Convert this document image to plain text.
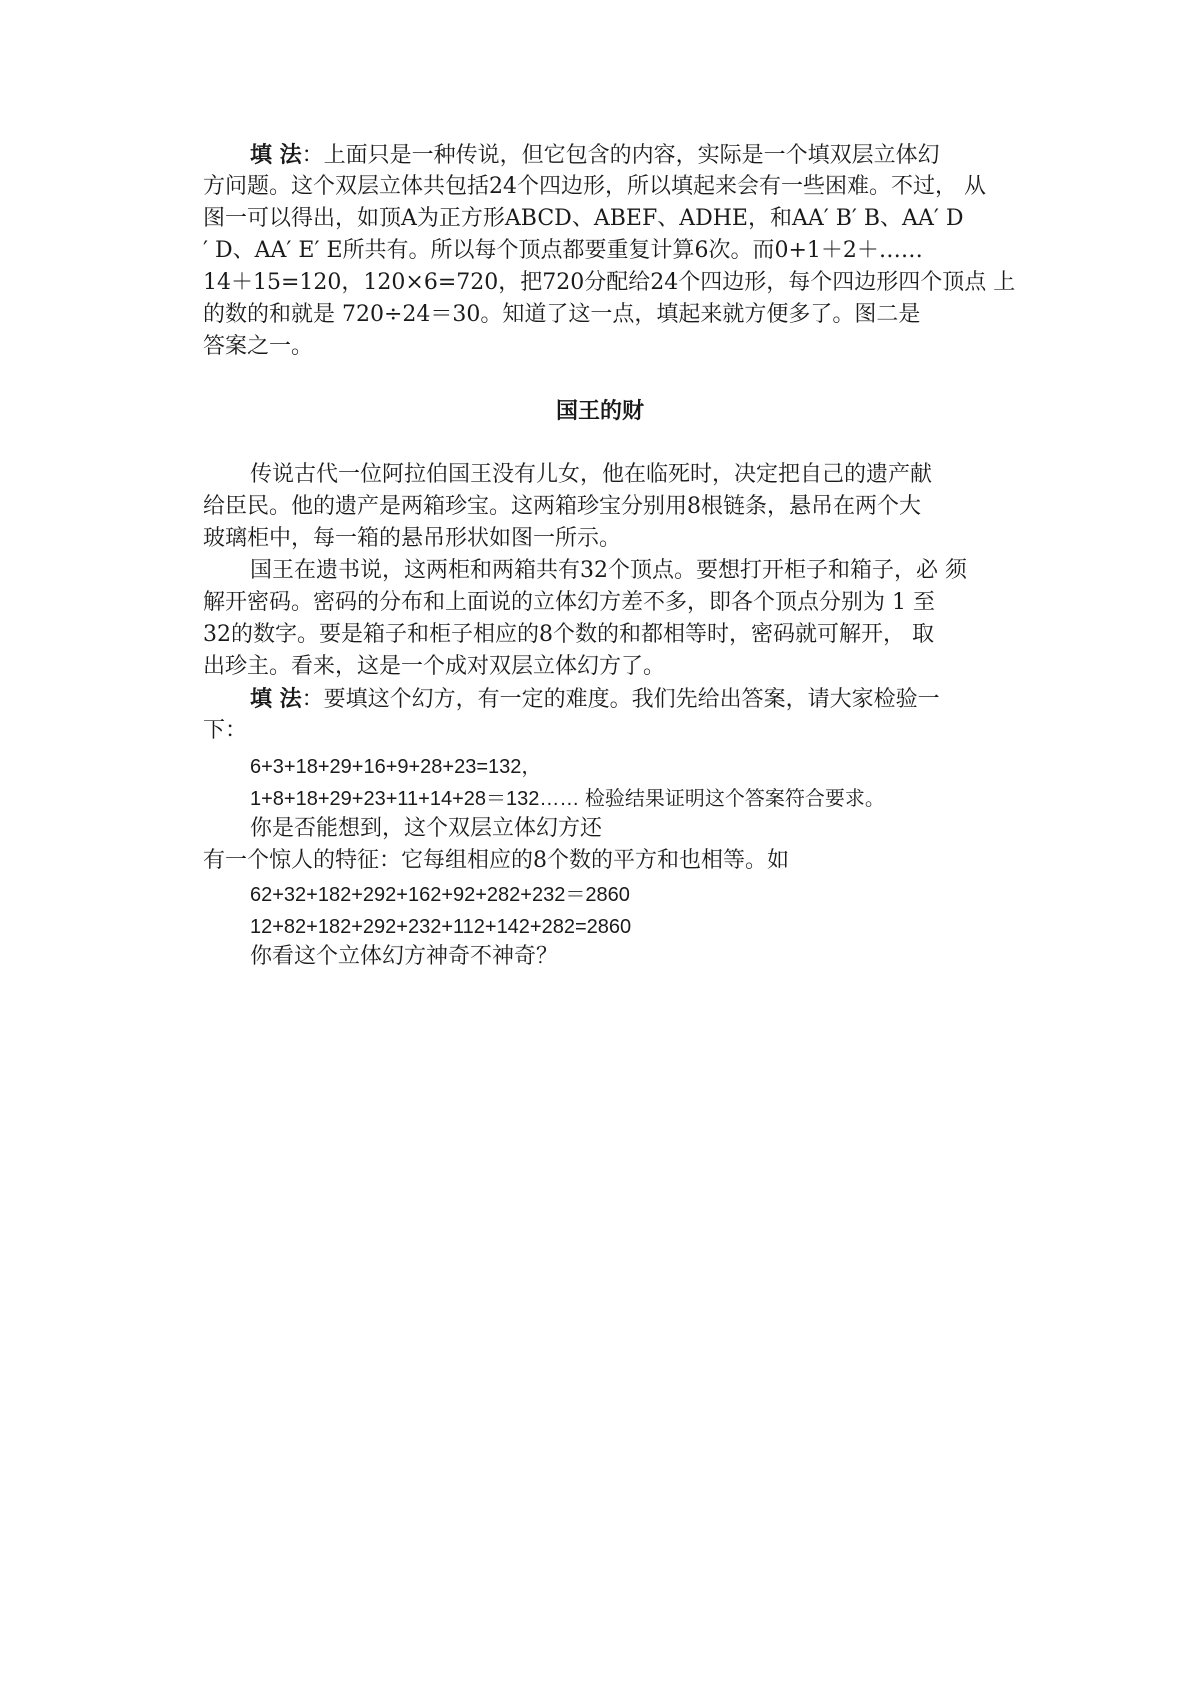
填 法：上面只是一种传说，但它包含的内容，实际是一个填双层立体幻
方问题。这个双层立体共包括24个四边形，所以填起来会有一些困难。不过， 从
图一可以得出，如顶A为正方形ABCD、ABEF、ADHE，和AA′ B′ B、AA′ D
′ D、AA′ E′ E所共有。所以每个顶点都要重复计算6次。而0+1＋2＋……
14＋15=120，120×6=720，把720分配给24个四边形，每个四边形四个顶点 上
的数的和就是 720÷24＝30。知道了这一点，填起来就方便多了。图二是
答案之一。
国王的财
传说古代一位阿拉伯国王没有儿女，他在临死时，决定把自己的遗产献
给臣民。他的遗产是两箱珍宝。这两箱珍宝分别用8根链条，悬吊在两个大
玻璃柜中，每一箱的悬吊形状如图一所示。
国王在遗书说，这两柜和两箱共有32个顶点。要想打开柜子和箱子，必 须
解开密码。密码的分布和上面说的立体幻方差不多，即各个顶点分别为 1 至
32的数字。要是箱子和柜子相应的8个数的和都相等时，密码就可解开， 取
出珍主。看来，这是一个成对双层立体幻方了。
填 法：要填这个幻方，有一定的难度。我们先给出答案，请大家检验一
下：
6+3+18+29+16+9+28+23=132，
1+8+18+29+23+11+14+28＝132…… 检验结果证明这个答案符合要求。
你是否能想到，这个双层立体幻方还
有一个惊人的特征：它每组相应的8个数的平方和也相等。如
62+32+182+292+162+92+282+232＝2860
12+82+182+292+232+112+142+282=2860
你看这个立体幻方神奇不神奇？
